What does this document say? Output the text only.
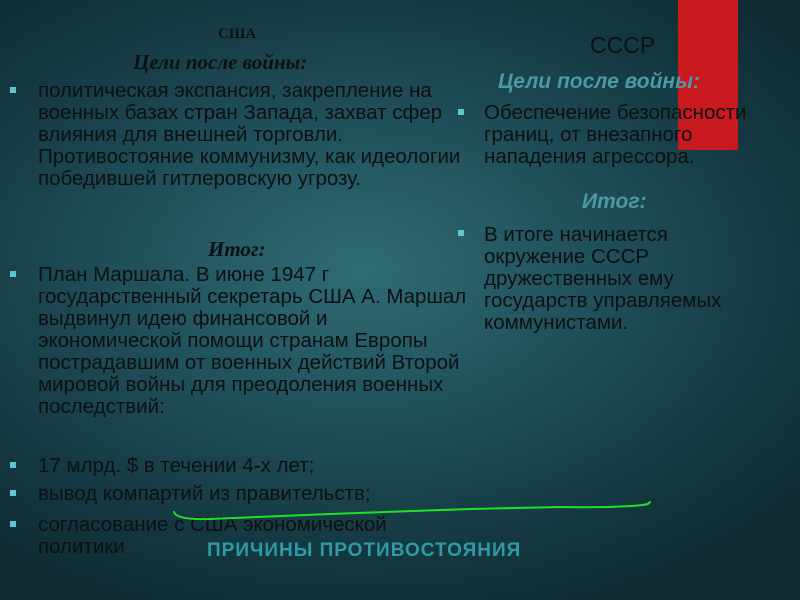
США
Цели после войны:
политическая экспансия, закрепление на военных базах стран Запада, захват сфер влияния для внешней торговли. Противостояние коммунизму, как идеологии победившей гитлеровскую угрозу.
Итог:
План Маршала. В июне 1947 г государственный секретарь США А. Маршал выдвинул идею финансовой и экономической помощи странам Европы пострадавшим от военных действий Второй мировой войны для преодоления военных последствий:
17 млрд. $ в течении 4-х лет;
вывод компартий из правительств;
согласование с США экономической политики
СССР
Цели после войны:
Обеспечение безопасности границ, от внезапного нападения агрессора.
Итог:
В итоге начинается окружение СССР дружественных ему государств управляемых коммунистами.
ПРИЧИНЫ ПРОТИВОСТОЯНИЯ
